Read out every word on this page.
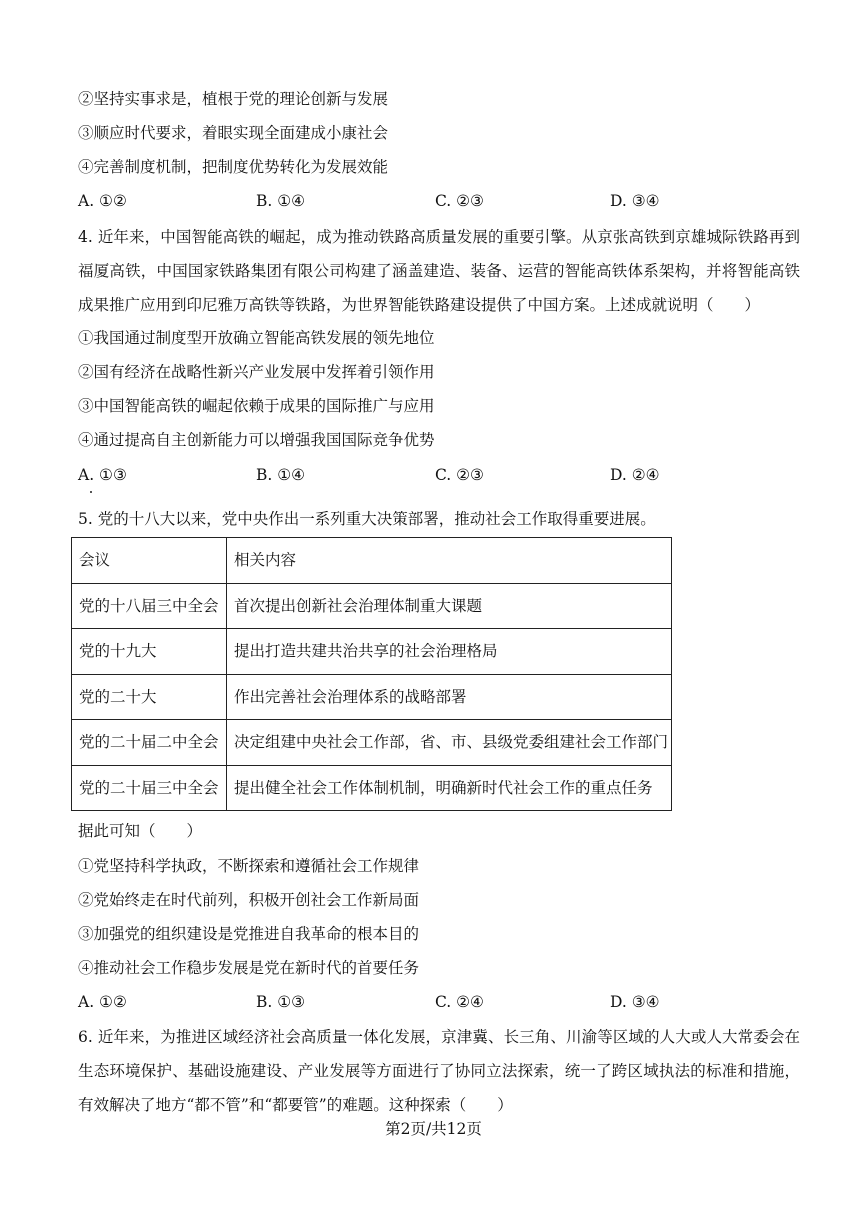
②坚持实事求是，植根于党的理论创新与发展
③顺应时代要求，着眼实现全面建成小康社会
④完善制度机制，把制度优势转化为发展效能
A. ①②	B. ①④	C. ②③	D. ③④
4. 近年来，中国智能高铁的崛起，成为推动铁路高质量发展的重要引擎。从京张高铁到京雄城际铁路再到福厦高铁，中国国家铁路集团有限公司构建了涵盖建造、装备、运营的智能高铁体系架构，并将智能高铁成果推广应用到印尼雅万高铁等铁路，为世界智能铁路建设提供了中国方案。上述成就说明（　　）
①我国通过制度型开放确立智能高铁发展的领先地位
②国有经济在战略性新兴产业发展中发挥着引领作用
③中国智能高铁的崛起依赖于成果的国际推广与应用
④通过提高自主创新能力可以增强我国国际竞争优势
A. ①③	B. ①④	C. ②③	D. ②④
5. 党的十八大以来，党中央作出一系列重大决策部署，推动社会工作取得重要进展。
会议	相关内容
党的十八届三中全会	首次提出创新社会治理体制重大课题
党的十九大	提出打造共建共治共享的社会治理格局
党的二十大	作出完善社会治理体系的战略部署
党的二十届二中全会	决定组建中央社会工作部，省、市、县级党委组建社会工作部门
党的二十届三中全会	提出健全社会工作体制机制，明确新时代社会工作的重点任务
据此可知（　　）
①党坚持科学执政，不断探索和遵循社会工作规律
②党始终走在时代前列，积极开创社会工作新局面
③加强党的组织建设是党推进自我革命的根本目的
④推动社会工作稳步发展是党在新时代的首要任务
A. ①②	B. ①③	C. ②④	D. ③④
6. 近年来，为推进区域经济社会高质量一体化发展，京津冀、长三角、川渝等区域的人大或人大常委会在生态环境保护、基础设施建设、产业发展等方面进行了协同立法探索，统一了跨区域执法的标准和措施，有效解决了地方“都不管”和“都要管”的难题。这种探索（　　）
第2页/共12页
